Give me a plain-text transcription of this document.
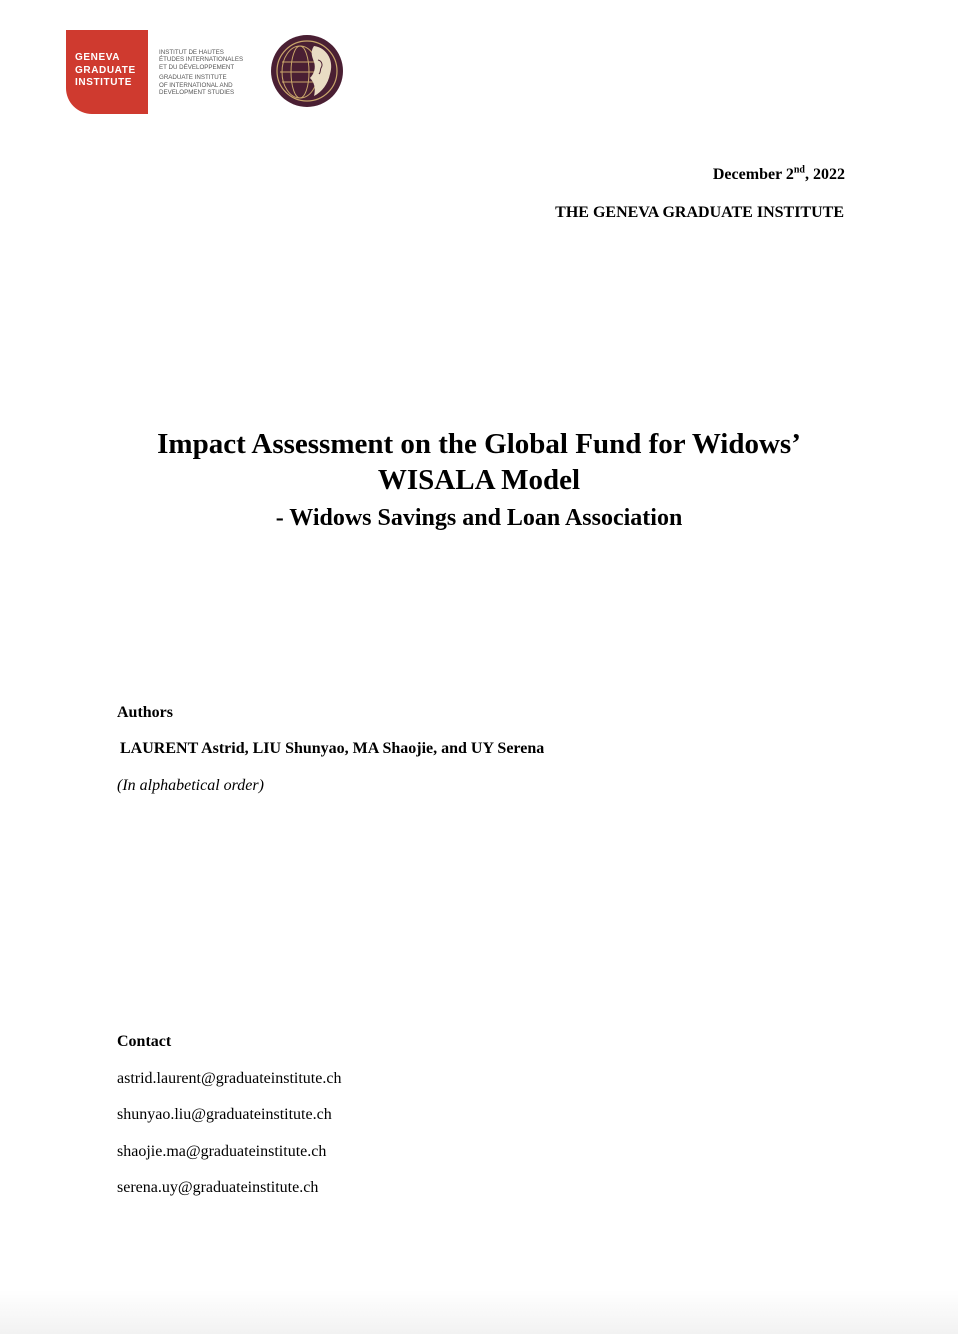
GENEVA
GRADUATE
INSTITUTE
INSTITUT DE HAUTES
ÉTUDES INTERNATIONALES
ET DU DÉVELOPPEMENT
GRADUATE INSTITUTE
OF INTERNATIONAL AND
DEVELOPMENT STUDIES
December 2nd, 2022
THE GENEVA GRADUATE INSTITUTE
Impact Assessment on the Global Fund for Widows’
WISALA Model
- Widows Savings and Loan Association
Authors
LAURENT Astrid, LIU Shunyao, MA Shaojie, and UY Serena
(In alphabetical order)
Contact
astrid.laurent@graduateinstitute.ch
shunyao.liu@graduateinstitute.ch
shaojie.ma@graduateinstitute.ch
serena.uy@graduateinstitute.ch
